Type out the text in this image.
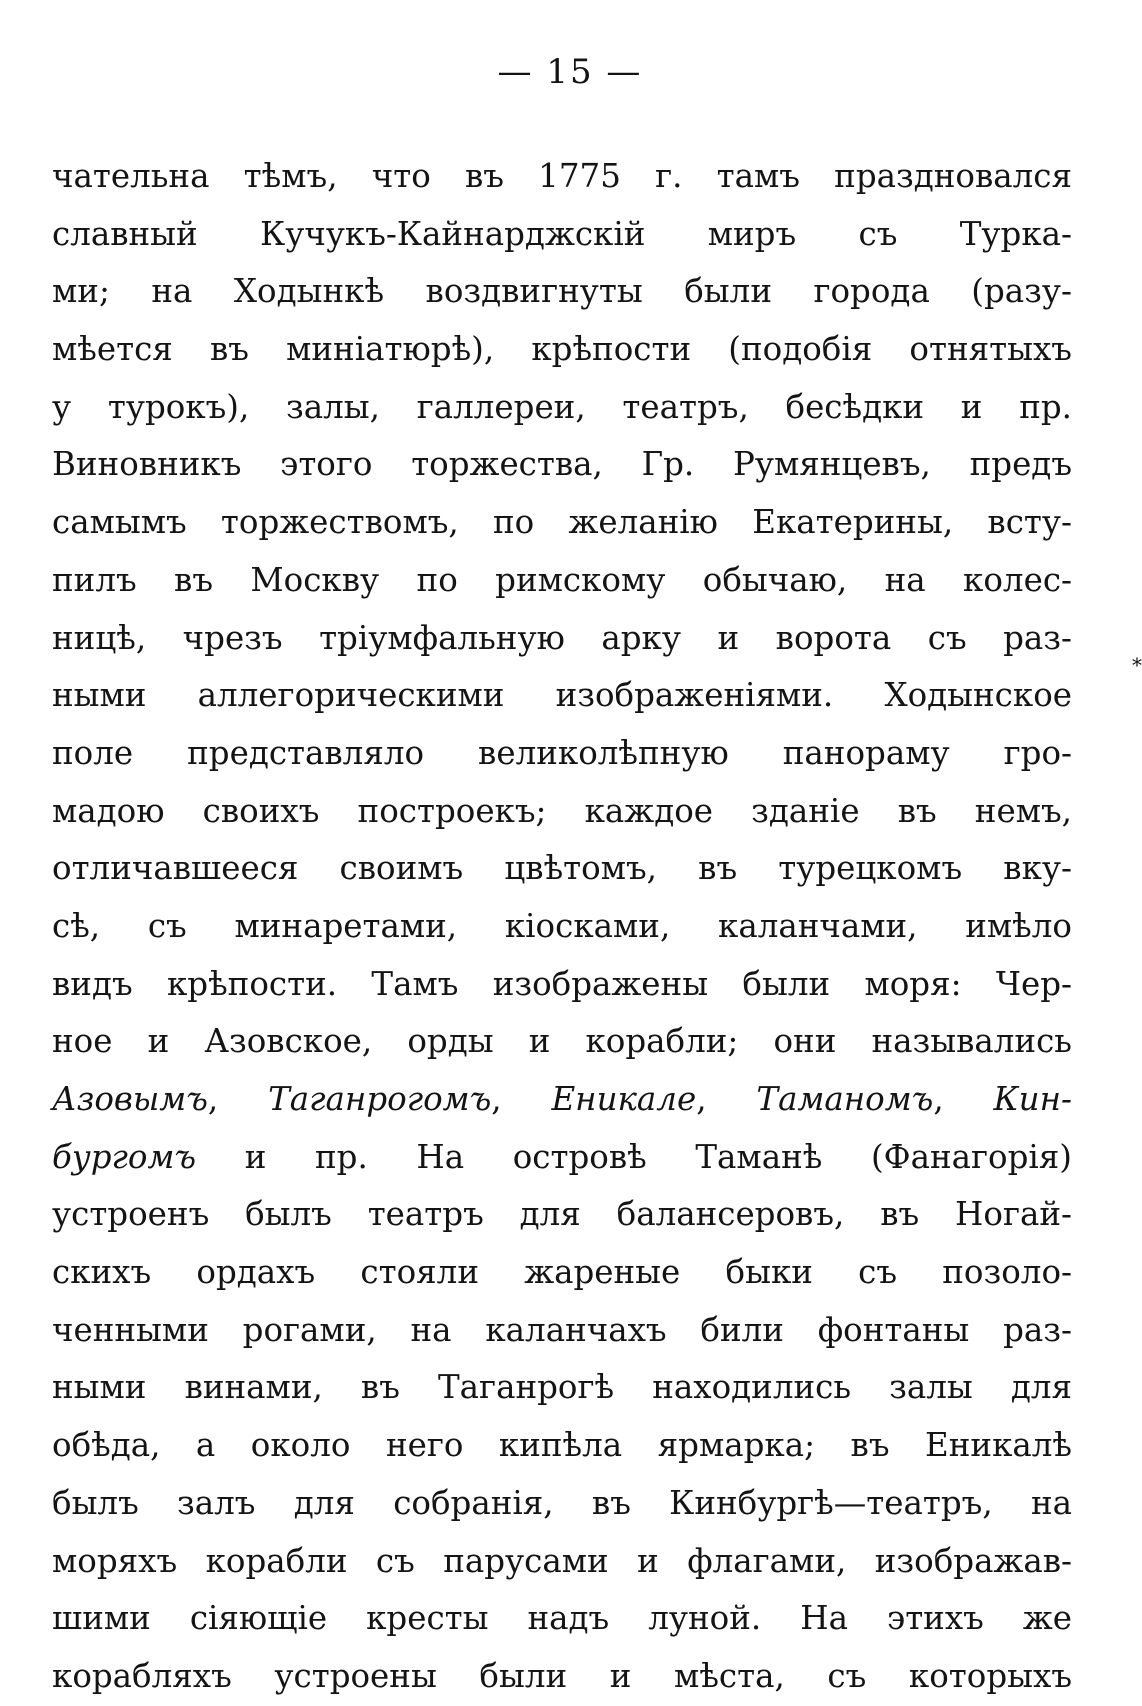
— 15 —
чательна тѣмъ, что въ 1775 г. тамъ праздновался
славный Кучукъ-Кайнарджскій миръ съ Турка-
ми; на Ходынкѣ воздвигнуты были города (разу-
мѣется въ миніатюрѣ), крѣпости (подобія отнятыхъ
у турокъ), залы, галлереи, театръ, бесѣдки и пр.
Виновникъ этого торжества, Гр. Румянцевъ, предъ
самымъ торжествомъ, по желанію Екатерины, всту-
пилъ въ Москву по римскому обычаю, на колес-
ницѣ, чрезъ тріумфальную арку и ворота съ раз-
ными аллегорическими изображеніями. Ходынское
поле представляло великолѣпную панораму гро-
мадою своихъ построекъ; каждое зданіе въ немъ,
отличавшееся своимъ цвѣтомъ, въ турецкомъ вку-
сѣ, съ минаретами, кіосками, каланчами, имѣло
видъ крѣпости. Тамъ изображены были моря: Чер-
ное и Азовское, орды и корабли; они назывались
Азовымъ, Таганрогомъ, Еникале, Таманомъ, Кин-
бургомъ и пр. На островѣ Таманѣ (Фанагорія)
устроенъ былъ театръ для балансеровъ, въ Ногай-
скихъ ордахъ стояли жареные быки съ позоло-
ченными рогами, на каланчахъ били фонтаны раз-
ными винами, въ Таганрогѣ находились залы для
обѣда, а около него кипѣла ярмарка; въ Еникалѣ
былъ залъ для собранія, въ Кинбургѣ—театръ, на
моряхъ корабли съ парусами и флагами, изображав-
шими сіяющіе кресты надъ луной. На этихъ же
корабляхъ устроены были и мѣста, съ которыхъ
*
